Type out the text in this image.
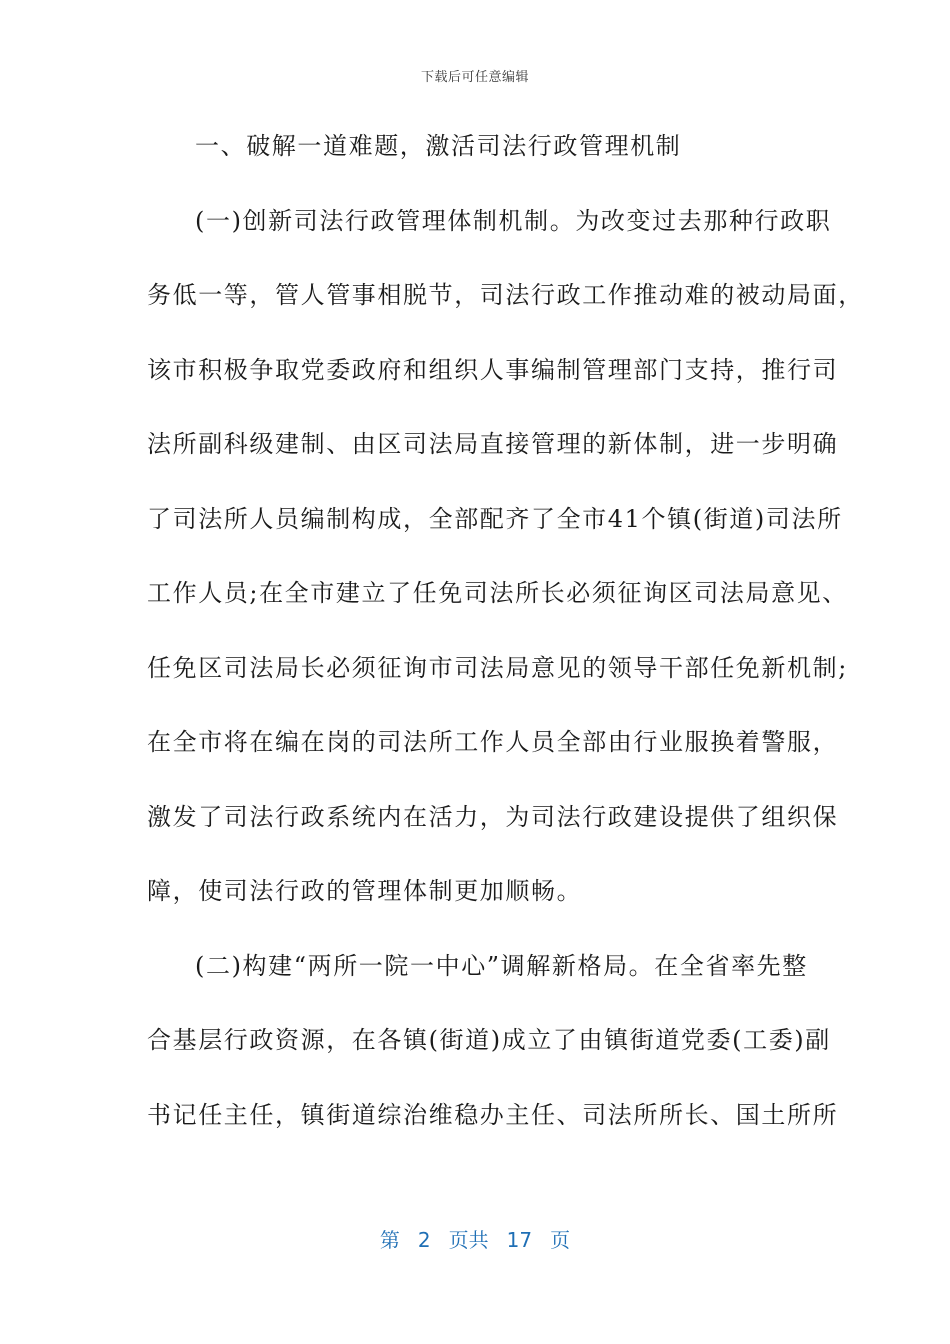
下载后可任意编辑
一、破解一道难题，激活司法行政管理机制
(一)创新司法行政管理体制机制。为改变过去那种行政职
务低一等，管人管事相脱节，司法行政工作推动难的被动局面，
该市积极争取党委政府和组织人事编制管理部门支持，推行司
法所副科级建制、由区司法局直接管理的新体制，进一步明确
了司法所人员编制构成，全部配齐了全市41个镇(街道)司法所
工作人员;在全市建立了任免司法所长必须征询区司法局意见、
任免区司法局长必须征询市司法局意见的领导干部任免新机制;
在全市将在编在岗的司法所工作人员全部由行业服换着警服，
激发了司法行政系统内在活力，为司法行政建设提供了组织保
障，使司法行政的管理体制更加顺畅。
(二)构建“两所一院一中心”调解新格局。在全省率先整
合基层行政资源，在各镇(街道)成立了由镇街道党委(工委)副
书记任主任，镇街道综治维稳办主任、司法所所长、国土所所
第 2 页共 17 页
